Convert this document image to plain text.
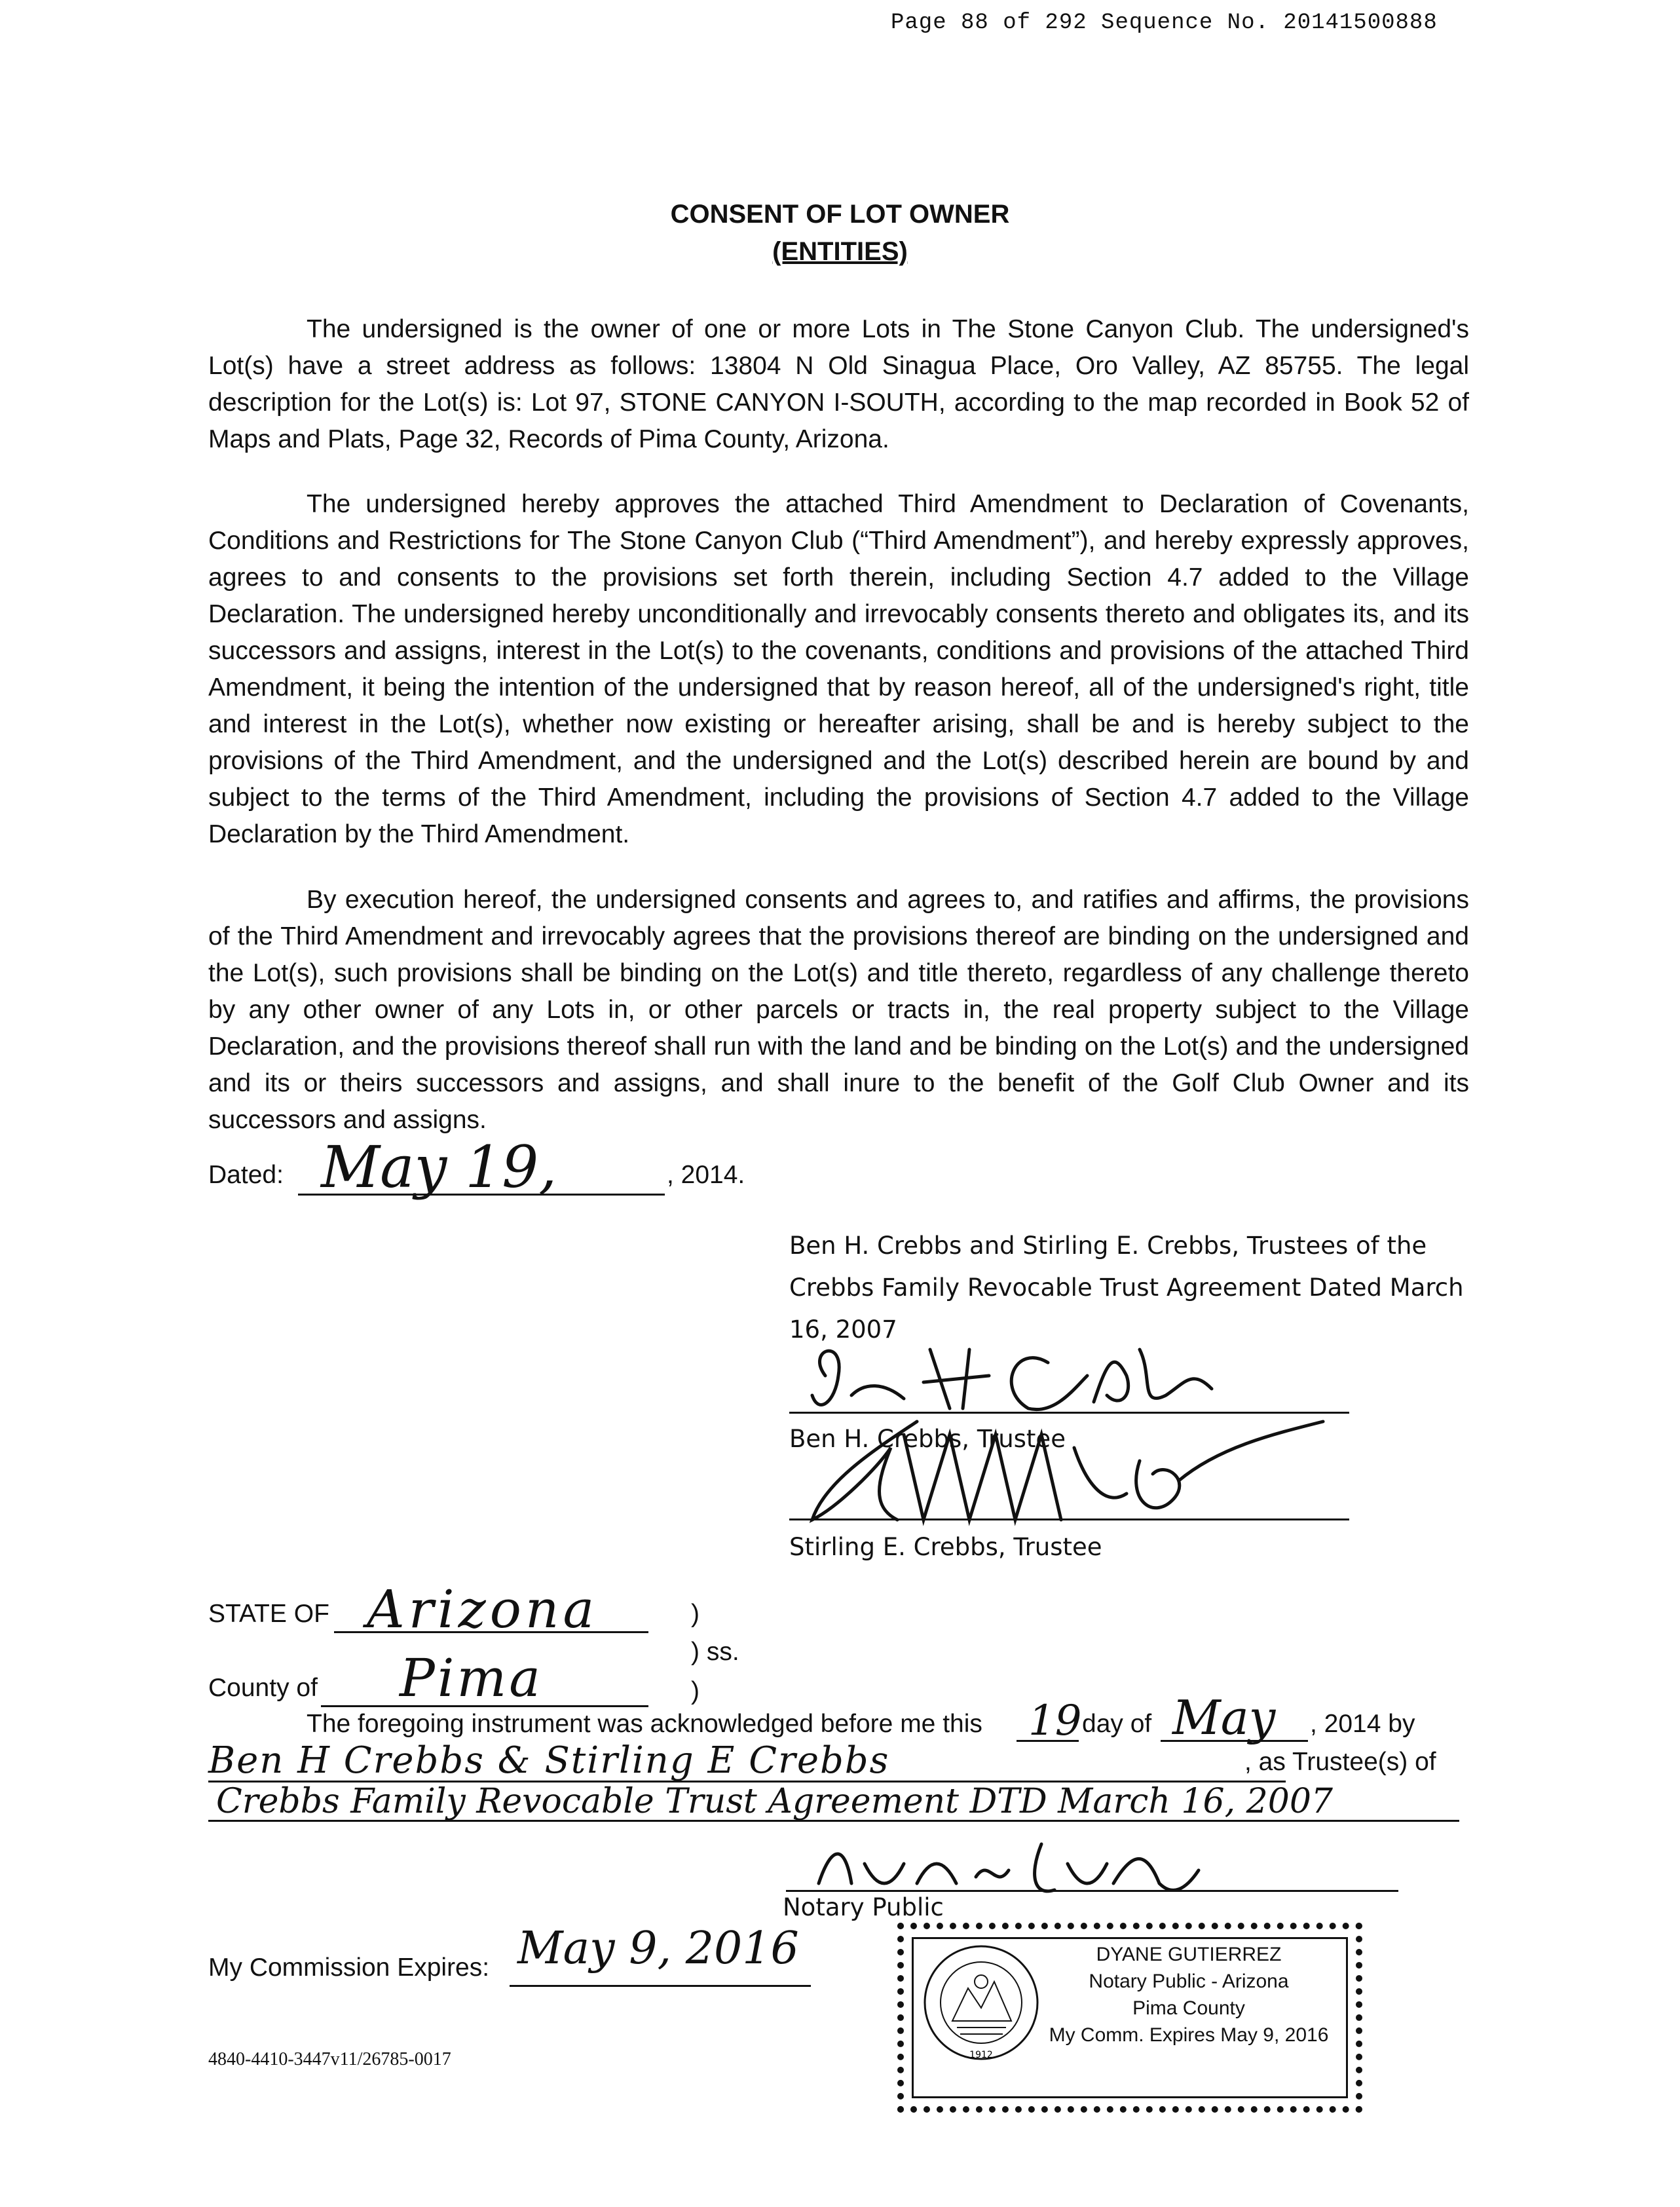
Page 88 of 292 Sequence No. 20141500888
CONSENT OF LOT OWNER
(ENTITIES)
The undersigned is the owner of one or more Lots in The Stone Canyon Club. The undersigned's Lot(s) have a street address as follows: 13804 N Old Sinagua Place, Oro Valley, AZ 85755. The legal description for the Lot(s) is: Lot 97, STONE CANYON I-SOUTH, according to the map recorded in Book 52 of Maps and Plats, Page 32, Records of Pima County, Arizona.
The undersigned hereby approves the attached Third Amendment to Declaration of Covenants, Conditions and Restrictions for The Stone Canyon Club (“Third Amendment”), and hereby expressly approves, agrees to and consents to the provisions set forth therein, including Section 4.7 added to the Village Declaration. The undersigned hereby unconditionally and irrevocably consents thereto and obligates its, and its successors and assigns, interest in the Lot(s) to the covenants, conditions and provisions of the attached Third Amendment, it being the intention of the undersigned that by reason hereof, all of the undersigned's right, title and interest in the Lot(s), whether now existing or hereafter arising, shall be and is hereby subject to the provisions of the Third Amendment, and the undersigned and the Lot(s) described herein are bound by and subject to the terms of the Third Amendment, including the provisions of Section 4.7 added to the Village Declaration by the Third Amendment.
By execution hereof, the undersigned consents and agrees to, and ratifies and affirms, the provisions of the Third Amendment and irrevocably agrees that the provisions thereof are binding on the undersigned and the Lot(s), such provisions shall be binding on the Lot(s) and title thereto, regardless of any challenge thereto by any other owner of any Lots in, or other parcels or tracts in, the real property subject to the Village Declaration, and the provisions thereof shall run with the land and be binding on the Lot(s) and the undersigned and its or theirs successors and assigns, and shall inure to the benefit of the Golf Club Owner and its successors and assigns.
Dated: May 19,	, 2014.
Ben H. Crebbs and Stirling E. Crebbs, Trustees of the
Crebbs Family Revocable Trust Agreement Dated March
16, 2007
Ben H. Crebbs, Trustee
Stirling E. Crebbs, Trustee
STATE OF Arizona	)
) ss.
County of Pima	)
The foregoing instrument was acknowledged before me this 19 day of May , 2014 by
Ben H Crebbs & Stirling E Crebbs	, as Trustee(s) of
Crebbs Family Revocable Trust Agreement DTD March 16, 2007
Notary Public
My Commission Expires: May 9, 2016
1912
DYANE GUTIERREZ
Notary Public - Arizona
Pima County
My Comm. Expires May 9, 2016
4840-4410-3447v11/26785-0017
